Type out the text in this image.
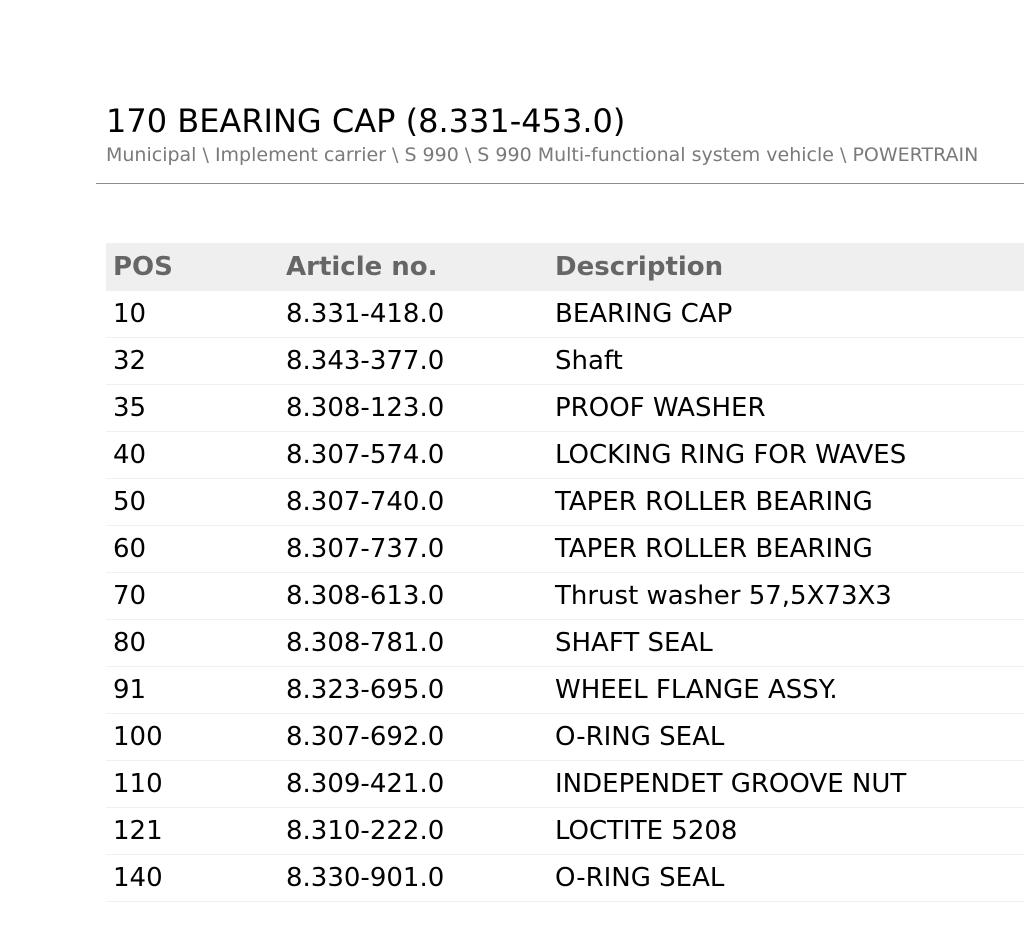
170 BEARING CAP (8.331-453.0)
Municipal \ Implement carrier \ S 990 \ S 990 Multi-functional system vehicle \ POWERTRAIN
POS	Article no.	Description
10	8.331-418.0	BEARING CAP
32	8.343-377.0	Shaft
35	8.308-123.0	PROOF WASHER
40	8.307-574.0	LOCKING RING FOR WAVES
50	8.307-740.0	TAPER ROLLER BEARING
60	8.307-737.0	TAPER ROLLER BEARING
70	8.308-613.0	Thrust washer 57,5X73X3
80	8.308-781.0	SHAFT SEAL
91	8.323-695.0	WHEEL FLANGE ASSY.
100	8.307-692.0	O-RING SEAL
110	8.309-421.0	INDEPENDET GROOVE NUT
121	8.310-222.0	LOCTITE 5208
140	8.330-901.0	O-RING SEAL
